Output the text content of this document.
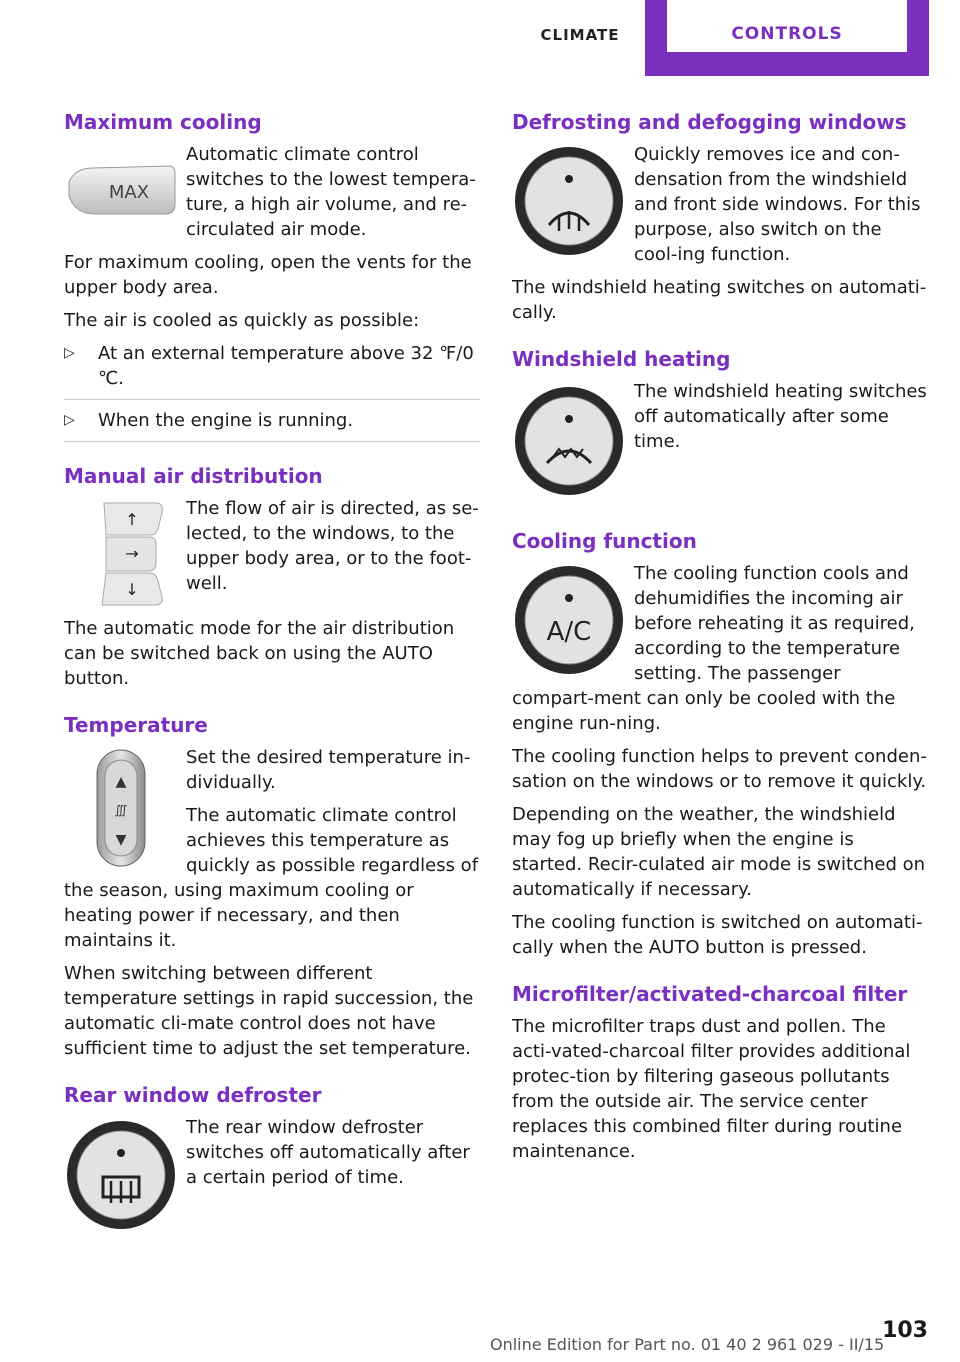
CLIMATE	CONTROLS
Maximum cooling
MAX

Automatic climate control switches to the lowest tempera-ture, a high air volume, and re-circulated air mode.

For maximum cooling, open the vents for the upper body area.

The air is cooled as quickly as possible:

▷ At an external temperature above 32 ℉/0 ℃.
▷ When the engine is running.
Manual air distribution
↑
→
↓

The flow of air is directed, as se-lected, to the windows, to the upper body area, or to the foot-well.

The automatic mode for the air distribution can be switched back on using the AUTO button.

Temperature
▲
∭
▼

Set the desired temperature in-dividually.

The automatic climate control achieves this temperature as quickly as possible regardless of the season, using maximum cooling or heating power if necessary, and then maintains it.

When switching between different temperature settings in rapid succession, the automatic cli-mate control does not have sufficient time to adjust the set temperature.

Rear window defroster

The rear window defroster switches off automatically after a certain period of time.

Defrosting and defogging windows

Quickly removes ice and con-densation from the windshield and front side windows. For this purpose, also switch on the cool-ing function.

The windshield heating switches on automati-cally.

Windshield heating

The windshield heating switches off automatically after some time.

Cooling function
A/C

The cooling function cools and dehumidifies the incoming air before reheating it as required, according to the temperature setting. The passenger compart-ment can only be cooled with the engine run-ning.

The cooling function helps to prevent conden-sation on the windows or to remove it quickly.

Depending on the weather, the windshield may fog up briefly when the engine is started. Recir-culated air mode is switched on automatically if necessary.

The cooling function is switched on automati-cally when the AUTO button is pressed.

Microfilter/activated-charcoal filter

The microfilter traps dust and pollen. The acti-vated-charcoal filter provides additional protec-tion by filtering gaseous pollutants from the outside air. The service center replaces this combined filter during routine maintenance.

Online Edition for Part no. 01 40 2 961 029 - II/15
103
